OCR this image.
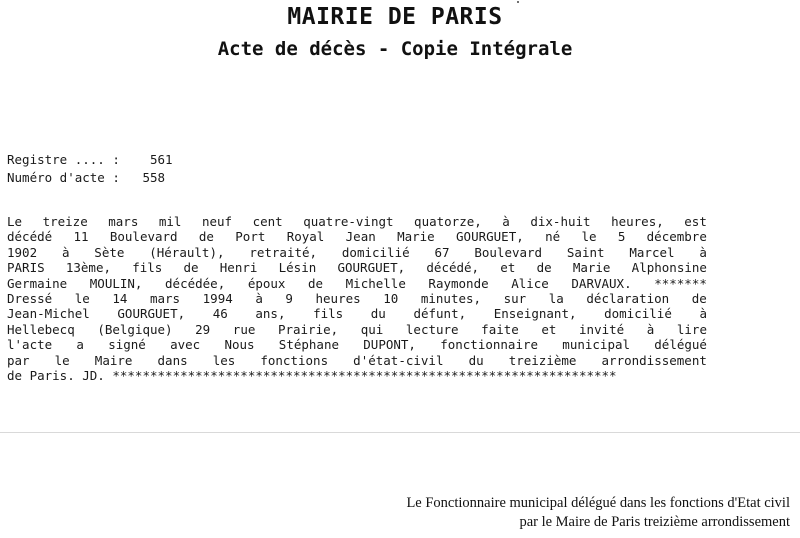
MAIRIE DE PARIS
Acte de décès - Copie Intégrale
Registre .... :    561
Numéro d'acte :   558
Le treize mars mil neuf cent quatre-vingt quatorze, à dix-huit heures, est
décédé 11 Boulevard de Port Royal Jean Marie GOURGUET, né le 5 décembre
1902 à Sète (Hérault), retraité, domicilié 67 Boulevard Saint Marcel à
PARIS 13ème, fils de Henri Lésin GOURGUET, décédé, et de Marie Alphonsine
Germaine MOULIN, décédée, époux de Michelle Raymonde Alice DARVAUX. *******
Dressé le 14 mars 1994 à 9 heures 10 minutes, sur la déclaration de
Jean-Michel GOURGUET, 46 ans, fils du défunt, Enseignant, domicilié à
Hellebecq (Belgique) 29 rue Prairie, qui lecture faite et invité à lire
l'acte a signé avec Nous Stéphane DUPONT, fonctionnaire municipal délégué
par le Maire dans les fonctions d'état-civil du treizième arrondissement
de Paris. JD. *******************************************************************
Le Fonctionnaire municipal délégué dans les fonctions d'Etat civil
par le Maire de Paris treizième arrondissement
